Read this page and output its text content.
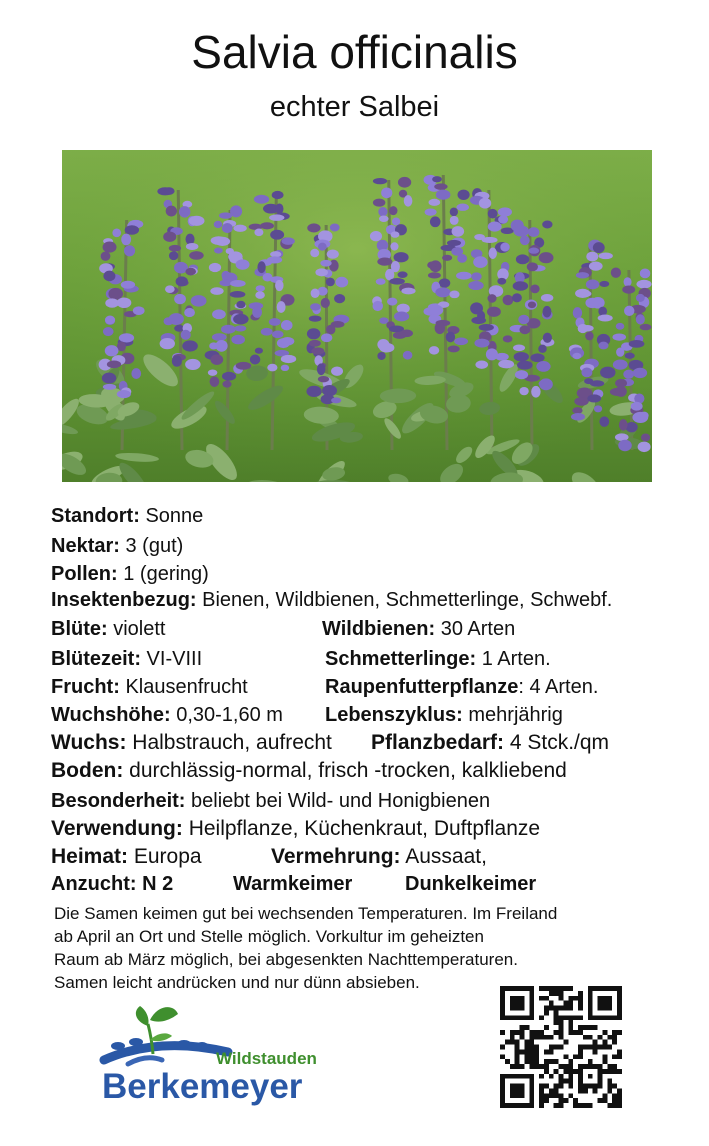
Salvia officinalis
echter Salbei
Standort: Sonne
Nektar: 3 (gut)
Pollen: 1 (gering)
Insektenbezug: Bienen, Wildbienen, Schmetterlinge, Schwebf.
Blüte: violett	Wildbienen: 30 Arten
Blütezeit: VI-VIII	Schmetterlinge: 1 Arten.
Frucht: Klausenfrucht	Raupenfutterpflanze: 4 Arten.
Wuchshöhe: 0,30-1,60 m Lebenszyklus: mehrjährig
Wuchs: Halbstrauch, aufrecht Pflanzbedarf: 4 Stck./qm
Boden: durchlässig-normal, frisch -trocken, kalkliebend
Besonderheit: beliebt bei Wild- und Honigbienen
Verwendung: Heilpflanze, Küchenkraut, Duftpflanze
Heimat: Europa	Vermehrung: Aussaat,
Anzucht: N 2	Warmkeimer	Dunkelkeimer
Die Samen keimen gut bei wechsenden Temperaturen. Im Freiland
ab April an Ort und Stelle möglich. Vorkultur im geheizten
Raum ab März möglich, bei abgesenkten Nachttemperaturen.
Samen leicht andrücken und nur dünn absieben.
Wildstauden
Berkemeyer
